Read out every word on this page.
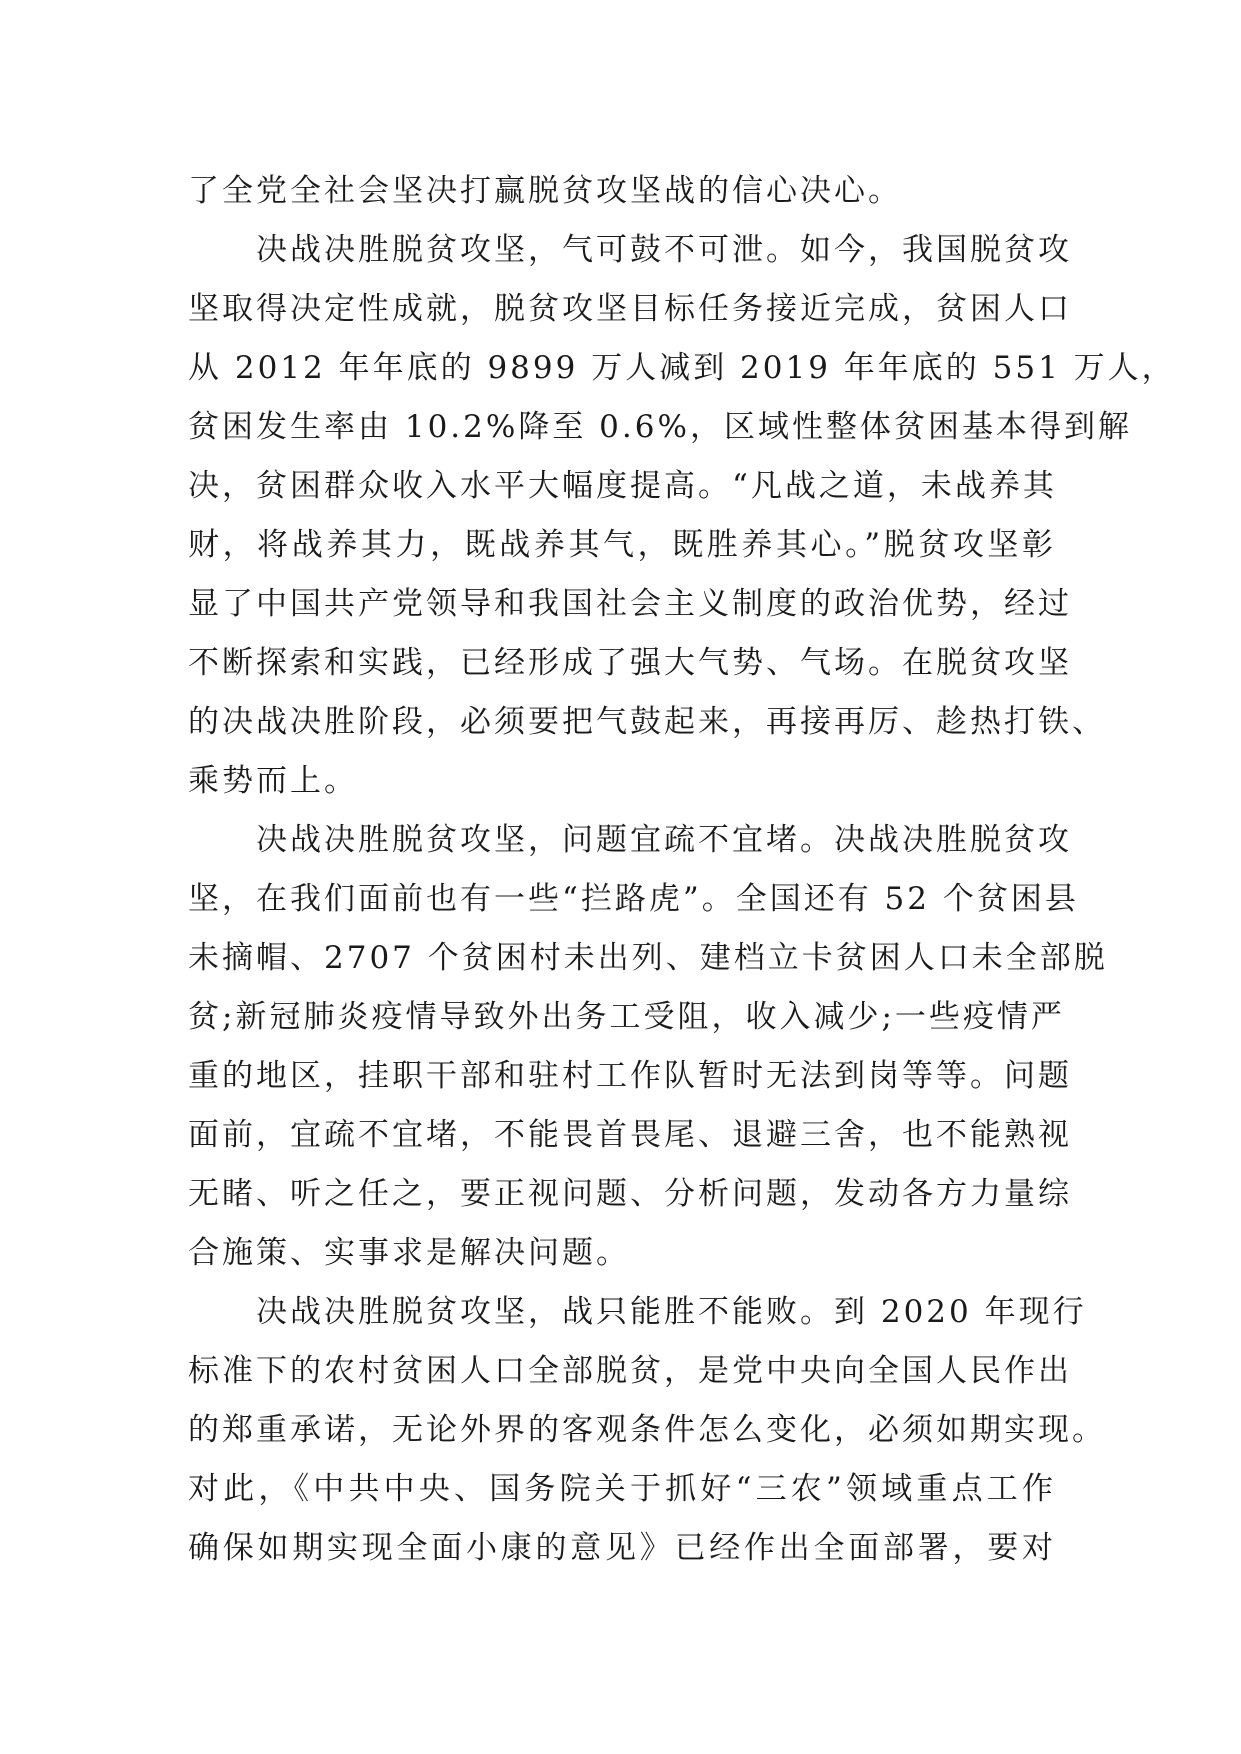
了全党全社会坚决打赢脱贫攻坚战的信心决心。
决战决胜脱贫攻坚，气可鼓不可泄。如今，我国脱贫攻
坚取得决定性成就，脱贫攻坚目标任务接近完成，贫困人口
从 2012 年年底的 9899 万人减到 2019 年年底的 551 万人，
贫困发生率由 10.2%降至 0.6%，区域性整体贫困基本得到解
决，贫困群众收入水平大幅度提高。“凡战之道，未战养其
财，将战养其力，既战养其气，既胜养其心。”脱贫攻坚彰
显了中国共产党领导和我国社会主义制度的政治优势，经过
不断探索和实践，已经形成了强大气势、气场。在脱贫攻坚
的决战决胜阶段，必须要把气鼓起来，再接再厉、趁热打铁、
乘势而上。
决战决胜脱贫攻坚，问题宜疏不宜堵。决战决胜脱贫攻
坚，在我们面前也有一些“拦路虎”。全国还有 52 个贫困县
未摘帽、2707 个贫困村未出列、建档立卡贫困人口未全部脱
贫;新冠肺炎疫情导致外出务工受阻，收入减少;一些疫情严
重的地区，挂职干部和驻村工作队暂时无法到岗等等。问题
面前，宜疏不宜堵，不能畏首畏尾、退避三舍，也不能熟视
无睹、听之任之，要正视问题、分析问题，发动各方力量综
合施策、实事求是解决问题。
决战决胜脱贫攻坚，战只能胜不能败。到 2020 年现行
标准下的农村贫困人口全部脱贫，是党中央向全国人民作出
的郑重承诺，无论外界的客观条件怎么变化，必须如期实现。
对此，《中共中央、国务院关于抓好“三农”领域重点工作
确保如期实现全面小康的意见》已经作出全面部署，要对
